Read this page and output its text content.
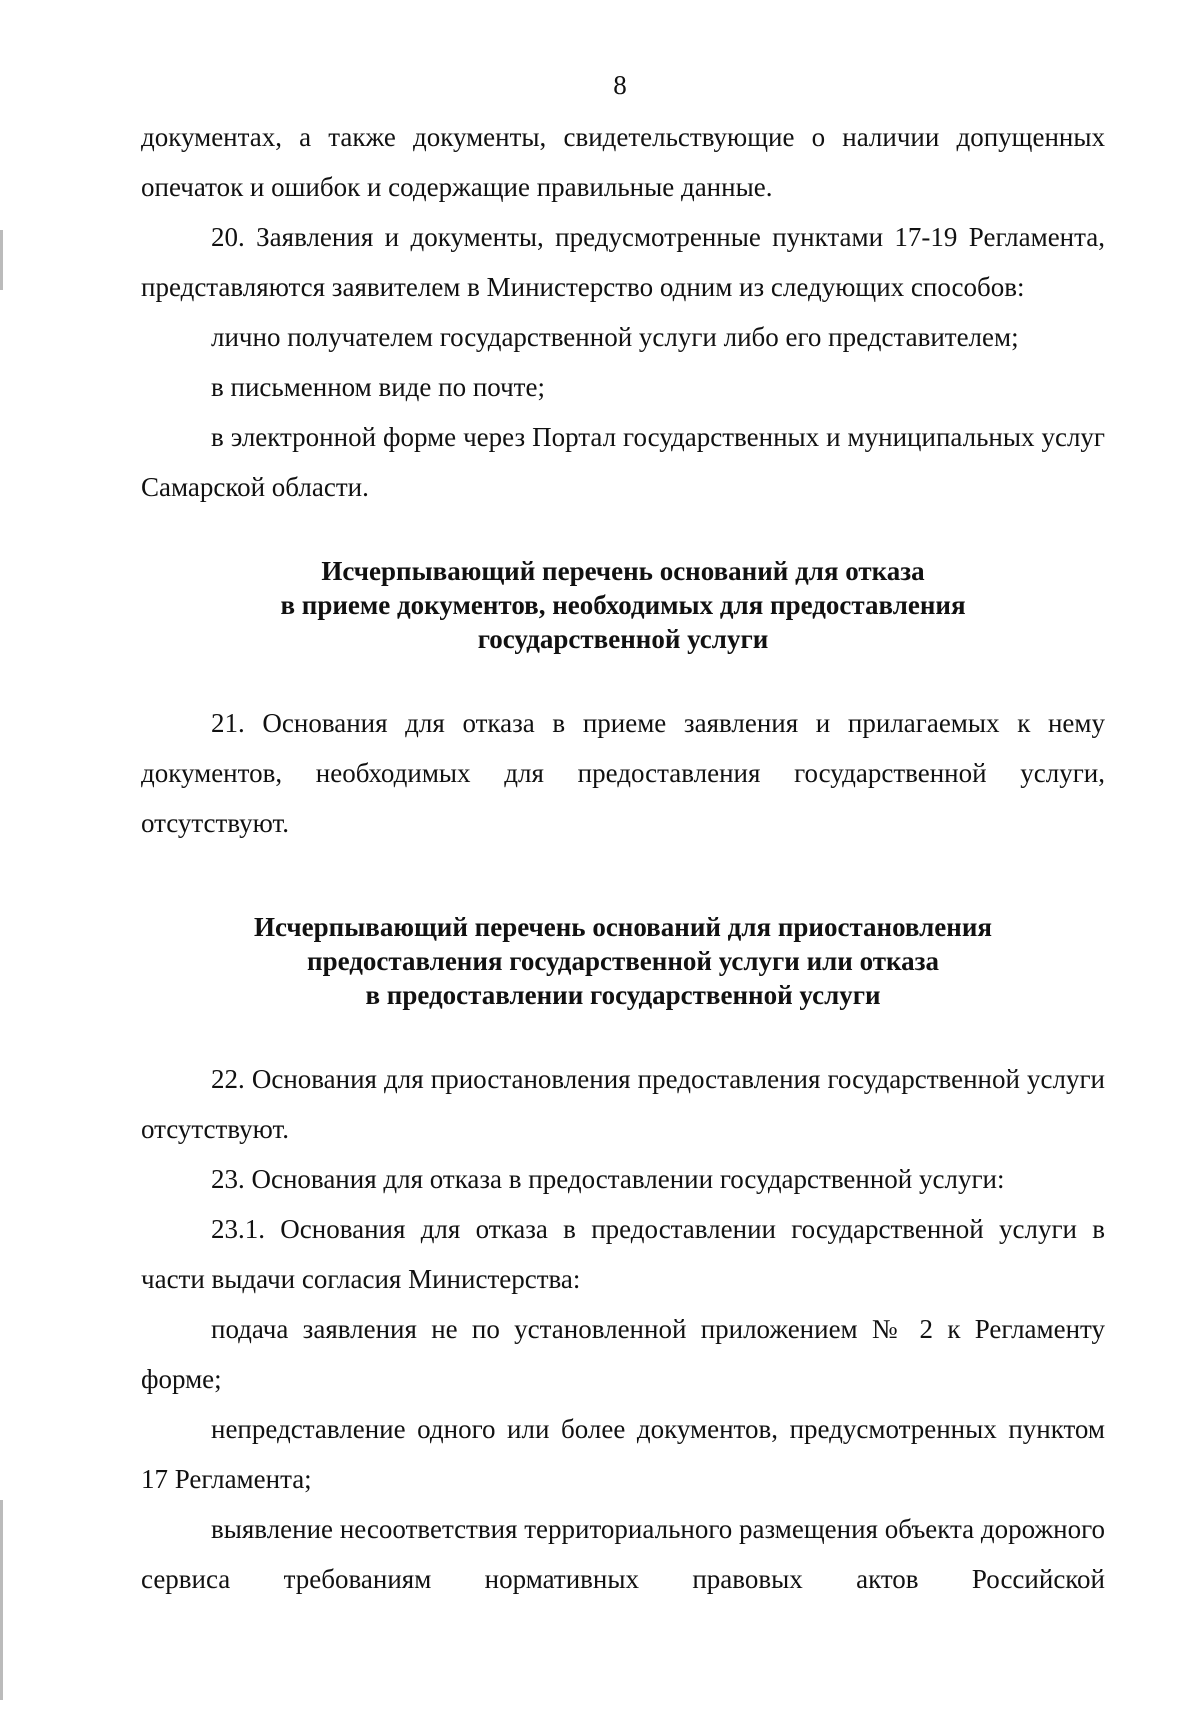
8

документах, а также документы, свидетельствующие о наличии допущенных опечаток и ошибок и содержащие правильные данные.

20. Заявления и документы, предусмотренные пунктами 17-19 Регламента, представляются заявителем в Министерство одним из следующих способов:

лично получателем государственной услуги либо его представителем;

в письменном виде по почте;

в электронной форме через Портал государственных и муниципальных услуг Самарской области.

Исчерпывающий перечень оснований для отказа
в приеме документов, необходимых для предоставления
государственной услуги

21. Основания для отказа в приеме заявления и прилагаемых к нему документов, необходимых для предоставления государственной услуги, отсутствуют.

Исчерпывающий перечень оснований для приостановления
предоставления государственной услуги или отказа
в предоставлении государственной услуги

22. Основания для приостановления предоставления государственной услуги отсутствуют.

23. Основания для отказа в предоставлении государственной услуги:

23.1. Основания для отказа в предоставлении государственной услуги в части выдачи согласия Министерства:

подача заявления не по установленной приложением № 2 к Регламенту форме;

непредставление одного или более документов, предусмотренных пунктом 17 Регламента;

выявление несоответствия территориального размещения объекта дорожного сервиса требованиям нормативных правовых актов Российской
